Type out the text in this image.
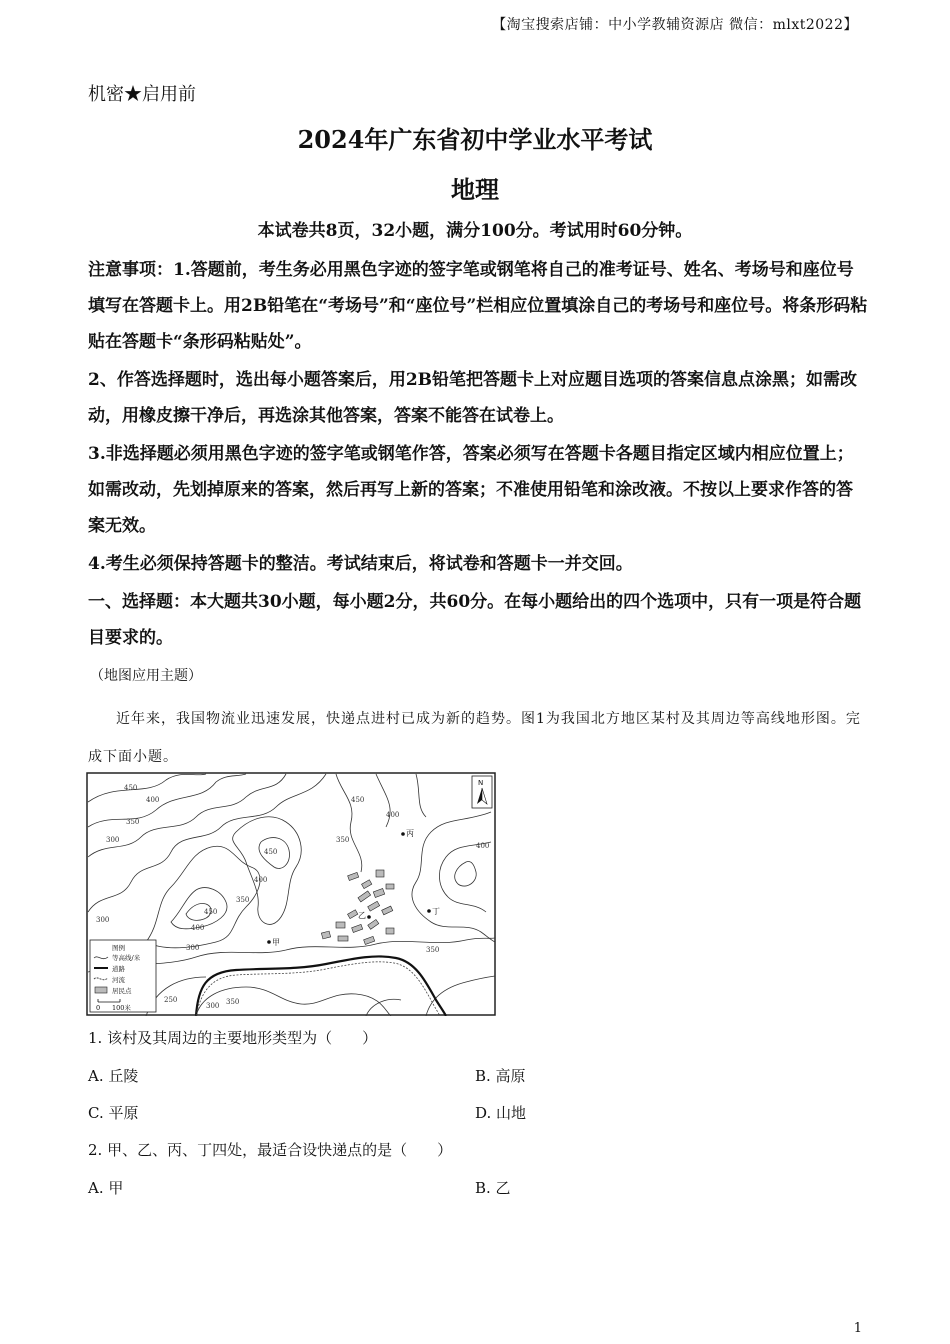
【淘宝搜索店铺：中小学教辅资源店 微信：mlxt2022】
机密★启用前
2024年广东省初中学业水平考试
地理
本试卷共8页，32小题，满分100分。考试用时60分钟。
注意事项：1.答题前，考生务必用黑色字迹的签字笔或钢笔将自己的准考证号、姓名、考场号和座位号填写在答题卡上。用2B铅笔在“考场号”和“座位号”栏相应位置填涂自己的考场号和座位号。将条形码粘贴在答题卡“条形码粘贴处”。
2、作答选择题时，选出每小题答案后，用2B铅笔把答题卡上对应题目选项的答案信息点涂黑；如需改动，用橡皮擦干净后，再选涂其他答案，答案不能答在试卷上。
3.非选择题必须用黑色字迹的签字笔或钢笔作答，答案必须写在答题卡各题目指定区域内相应位置上；如需改动，先划掉原来的答案，然后再写上新的答案；不准使用铅笔和涂改液。不按以上要求作答的答案无效。
4.考生必须保持答题卡的整洁。考试结束后，将试卷和答题卡一并交回。
一、选择题：本大题共30小题，每小题2分，共60分。在每小题给出的四个选项中，只有一项是符合题目要求的。
（地图应用主题）
近年来，我国物流业迅速发展，快递点进村已成为新的趋势。图1为我国北方地区某村及其周边等高线地形图。完成下面小题。
450
400
350
300
450
400
450
400
350
300
450
400
350
300
250
300 350
400
350
甲
乙
丙
丁
N
图例
等高线/米
道路
河流
居民点
0 100米
1. 该村及其周边的主要地形类型为（　　）
A. 丘陵	B. 高原
C. 平原	D. 山地
2. 甲、乙、丙、丁四处，最适合设快递点的是（　　）
A. 甲	B. 乙
1
